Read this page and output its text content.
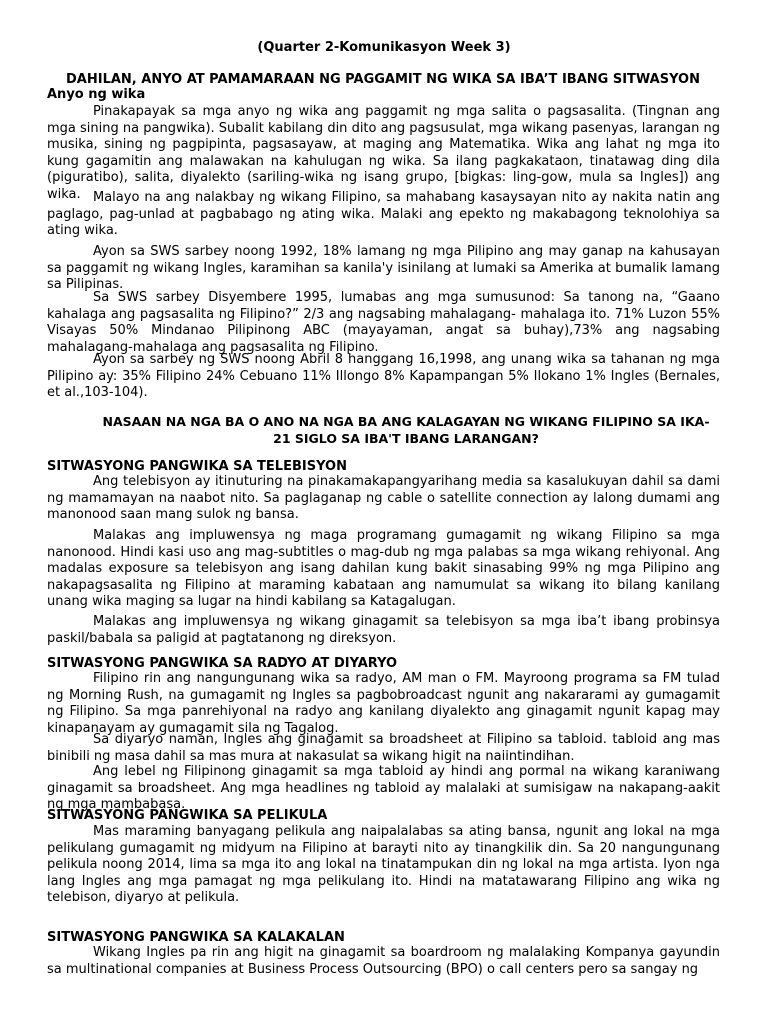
(Quarter 2-Komunikasyon Week 3)
DAHILAN, ANYO AT PAMAMARAAN NG PAGGAMIT NG WIKA SA IBA’T IBANG SITWASYON
Anyo ng wika

Pinakapayak sa mga anyo ng wika ang paggamit ng mga salita o pagsasalita. (Tingnan ang mga sining na pangwika). Subalit kabilang din dito ang pagsusulat, mga wikang pasenyas, larangan ng musika, sining ng pagpipinta, pagsasayaw, at maging ang Matematika. Wika ang lahat ng mga ito kung gagamitin ang malawakan na kahulugan ng wika. Sa ilang pagkakataon, tinatawag ding dila (piguratibo), salita, diyalekto (sariling-wika ng isang grupo, [bigkas: ling-gow, mula sa Ingles]) ang wika. Malayo na ang nalakbay ng wikang Filipino, sa mahabang kasaysayan nito ay nakita natin ang paglago, pag-unlad at pagbabago ng ating wika. Malaki ang epekto ng makabagong teknolohiya sa ating wika.

Ayon sa SWS sarbey noong 1992, 18% lamang ng mga Pilipino ang may ganap na kahusayan sa paggamit ng wikang Ingles, karamihan sa kanila'y isinilang at lumaki sa Amerika at bumalik lamang sa Pilipinas.

Sa SWS sarbey Disyembere 1995, lumabas ang mga sumusunod: Sa tanong na, “Gaano kahalaga ang pagsasalita ng Filipino?” 2/3 ang nagsabing mahalagang- mahalaga ito. 71% Luzon 55% Visayas 50% Mindanao Pilipinong ABC (mayayaman, angat sa buhay),73% ang nagsabing mahalagang-mahalaga ang pagsasalita ng Filipino.

Ayon sa sarbey ng SWS noong Abril 8 hanggang 16,1998, ang unang wika sa tahanan ng mga Pilipino ay: 35% Filipino 24% Cebuano 11% Illongo 8% Kapampangan 5% Ilokano 1% Ingles (Bernales, et al.,103-104).

NASAAN NA NGA BA O ANO NA NGA BA ANG KALAGAYAN NG WIKANG FILIPINO SA IKA-21 SIGLO SA IBA'T IBANG LARANGAN?

SITWASYONG PANGWIKA SA TELEBISYON

Ang telebisyon ay itinuturing na pinakamakapangyarihang media sa kasalukuyan dahil sa dami ng mamamayan na naabot nito. Sa paglaganap ng cable o satellite connection ay lalong dumami ang manonood saan mang sulok ng bansa.

Malakas ang impluwensya ng maga programang gumagamit ng wikang Filipino sa mga nanonood. Hindi kasi uso ang mag-subtitles o mag-dub ng mga palabas sa mga wikang rehiyonal. Ang madalas exposure sa telebisyon ang isang dahilan kung bakit sinasabing 99% ng mga Pilipino ang nakapagsasalita ng Filipino at maraming kabataan ang namumulat sa wikang ito bilang kanilang unang wika maging sa lugar na hindi kabilang sa Katagalugan.

Malakas ang impluwensya ng wikang ginagamit sa telebisyon sa mga iba’t ibang probinsya paskil/babala sa paligid at pagtatanong ng direksyon.

SITWASYONG PANGWIKA SA RADYO AT DIYARYO

Filipino rin ang nangungunang wika sa radyo, AM man o FM. Mayroong programa sa FM tulad ng Morning Rush, na gumagamit ng Ingles sa pagbobroadcast ngunit ang nakararami ay gumagamit ng Filipino. Sa mga panrehiyonal na radyo ang kanilang diyalekto ang ginagamit ngunit kapag may kinapanayam ay gumagamit sila ng Tagalog.

Sa diyaryo naman, Ingles ang ginagamit sa broadsheet at Filipino sa tabloid. tabloid ang mas binibili ng masa dahil sa mas mura at nakasulat sa wikang higit na naiintindihan.

Ang lebel ng Filipinong ginagamit sa mga tabloid ay hindi ang pormal na wikang karaniwang ginagamit sa broadsheet. Ang mga headlines ng tabloid ay malalaki at sumisigaw na nakapang-aakit ng mga mambabasa.

SITWASYONG PANGWIKA SA PELIKULA

Mas maraming banyagang pelikula ang naipalalabas sa ating bansa, ngunit ang lokal na mga pelikulang gumagamit ng midyum na Filipino at barayti nito ay tinangkilik din. Sa 20 nangungunang pelikula noong 2014, lima sa mga ito ang lokal na tinatampukan din ng lokal na mga artista. Iyon nga lang Ingles ang mga pamagat ng mga pelikulang ito. Hindi na matatawarang Filipino ang wika ng telebison, diyaryo at pelikula.

SITWASYONG PANGWIKA SA KALAKALAN

Wikang Ingles pa rin ang higit na ginagamit sa boardroom ng malalaking Kompanya gayundin sa multinational companies at Business Process Outsourcing (BPO) o call centers pero sa sangay ng
